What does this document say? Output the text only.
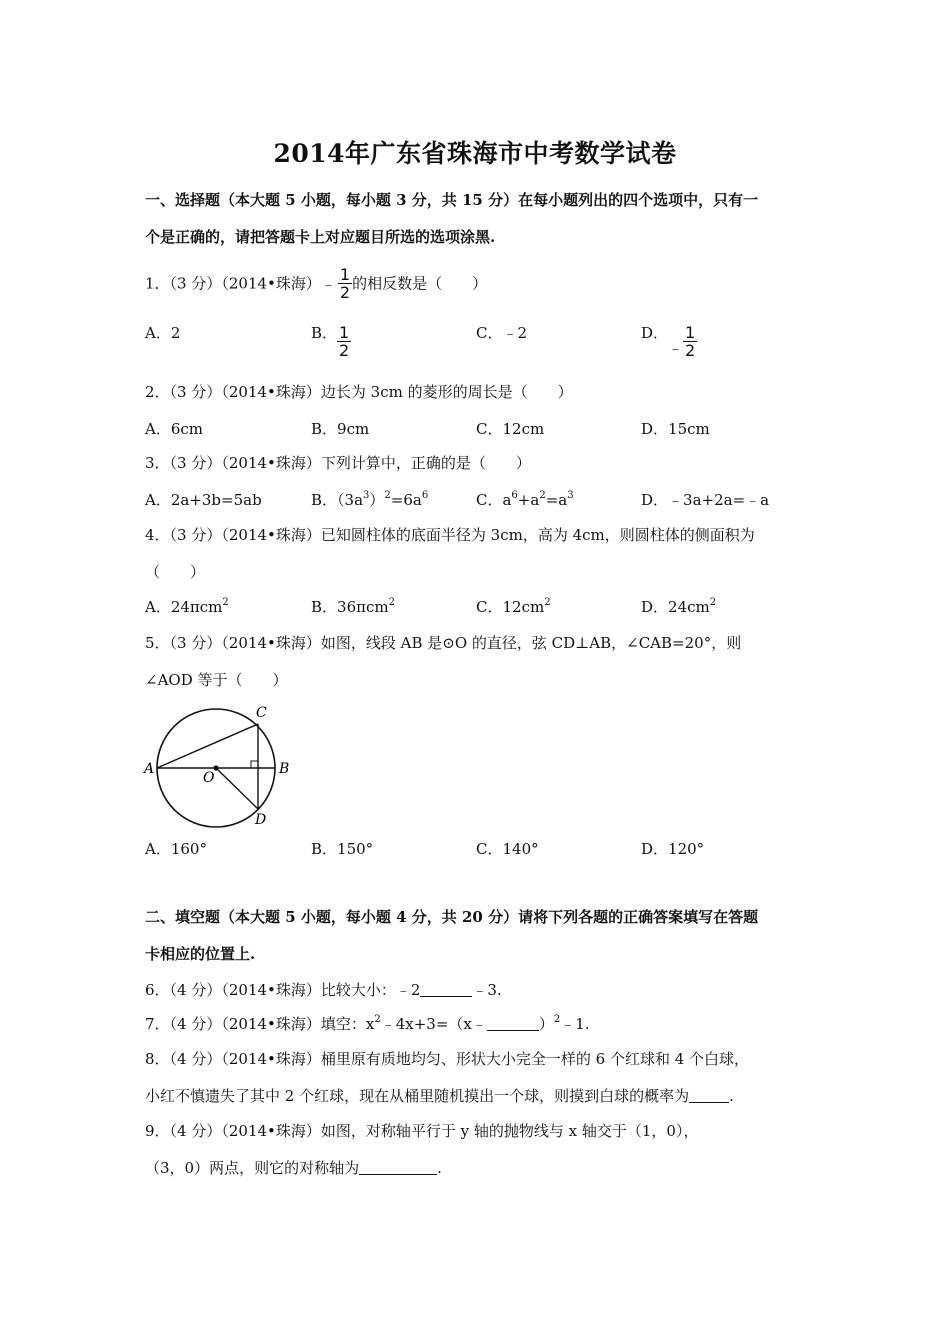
2014年广东省珠海市中考数学试卷
一、选择题（本大题 5 小题，每小题 3 分，共 15 分）在每小题列出的四个选项中，只有一
个是正确的，请把答题卡上对应题目所选的选项涂黑.
1．（3 分）（2014•珠海）﹣ $\frac{1}{2}$ 的相反数是（　　）
A．2	B． $\frac{1}{2}$	C．﹣2	D．﹣ $\frac{1}{2}$
2．（3 分）（2014•珠海）边长为 3cm 的菱形的周长是（　　）
A．6cm	B．9cm	C．12cm	D．15cm
3．（3 分）（2014•珠海）下列计算中，正确的是（　　）
A．2a+3b=5ab	B．$(3a^3)^2=6a^6$	C．$a^6+a^2=a^3$	D．﹣3a+2a=﹣a
4．（3 分）（2014•珠海）已知圆柱体的底面半径为 3cm，高为 4cm，则圆柱体的侧面积为
（　　）
A．24πcm$^2$	B．36πcm$^2$	C．$12cm^2$	D．$24cm^2$
5．（3 分）（2014•珠海）如图，线段 AB 是⊙O 的直径，弦 CD⊥AB，∠CAB=20°，则
∠AOD 等于（　　）
A	B
C
D
O
A．160°	B．150°	C．140°	D．120°
二、填空题（本大题 5 小题，每小题 4 分，共 20 分）请将下列各题的正确答案填写在答题
卡相应的位置上.
6．（4 分）（2014•珠海）比较大小：﹣2	﹣3.
7．（4 分）（2014•珠海）填空：$x^2﹣4x+3=(x﹣$	）$^2$﹣1.
8．（4 分）（2014•珠海）桶里原有质地均匀、形状大小完全一样的 6 个红球和 4 个白球，
小红不慎遗失了其中 2 个红球，现在从桶里随机摸出一个球，则摸到白球的概率为	.
9．（4 分）（2014•珠海）如图，对称轴平行于 y 轴的抛物线与 x 轴交于（1，0），
（3，0）两点，则它的对称轴为	.
